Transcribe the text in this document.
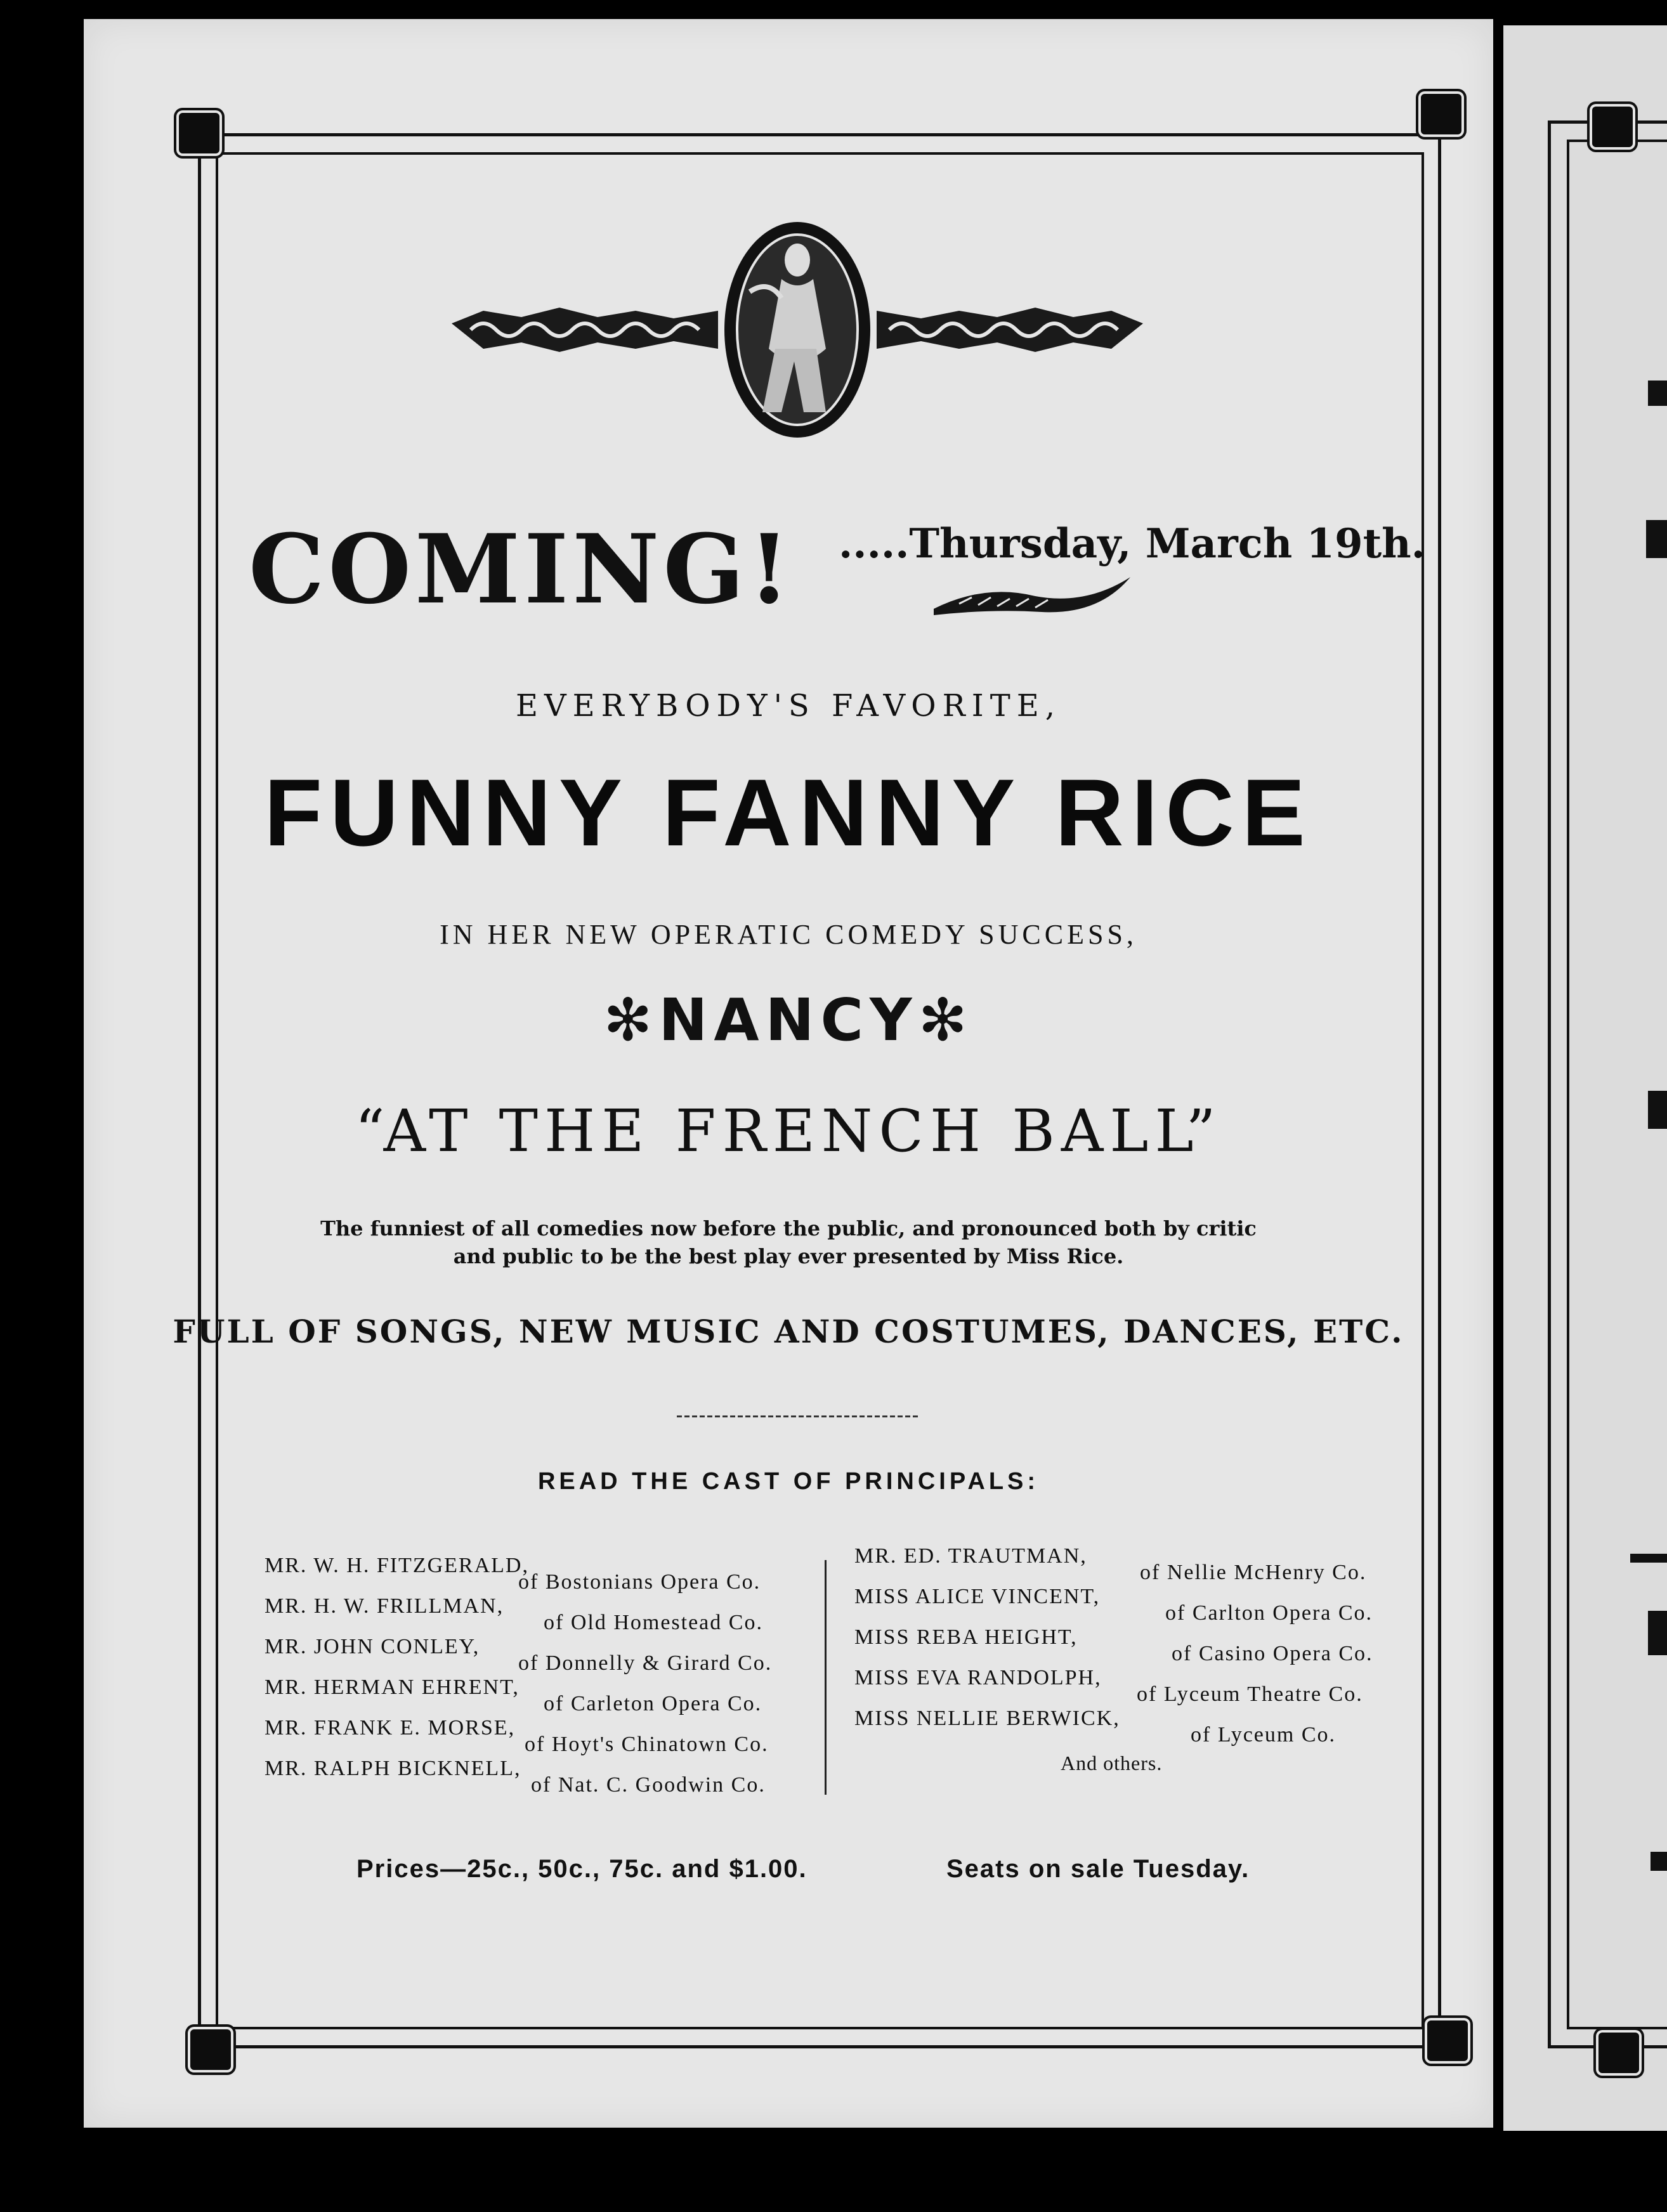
COMING! .....Thursday, March 19th.
EVERYBODY'S FAVORITE,
FUNNY FANNY RICE
IN HER NEW OPERATIC COMEDY SUCCESS,
✻NANCY✻
“AT THE FRENCH BALL”
The funniest of all comedies now before the public, and pronounced both by critic
and public to be the best play ever presented by Miss Rice.
FULL OF SONGS, NEW MUSIC AND COSTUMES, DANCES, ETC.
READ THE CAST OF PRINCIPALS:
MR. W. H. FITZGERALD,
of Bostonians Opera Co.
MR. H. W. FRILLMAN,
of Old Homestead Co.
MR. JOHN CONLEY,
of Donnelly & Girard Co.
MR. HERMAN EHRENT,
of Carleton Opera Co.
MR. FRANK E. MORSE,
of Hoyt's Chinatown Co.
MR. RALPH BICKNELL,
of Nat. C. Goodwin Co.
MR. ED. TRAUTMAN,
of Nellie McHenry Co.
MISS ALICE VINCENT,
of Carlton Opera Co.
MISS REBA HEIGHT,
of Casino Opera Co.
MISS EVA RANDOLPH,
of Lyceum Theatre Co.
MISS NELLIE BERWICK,
of Lyceum Co.
And others.
Prices—25c., 50c., 75c. and $1.00.	Seats on sale Tuesday.
